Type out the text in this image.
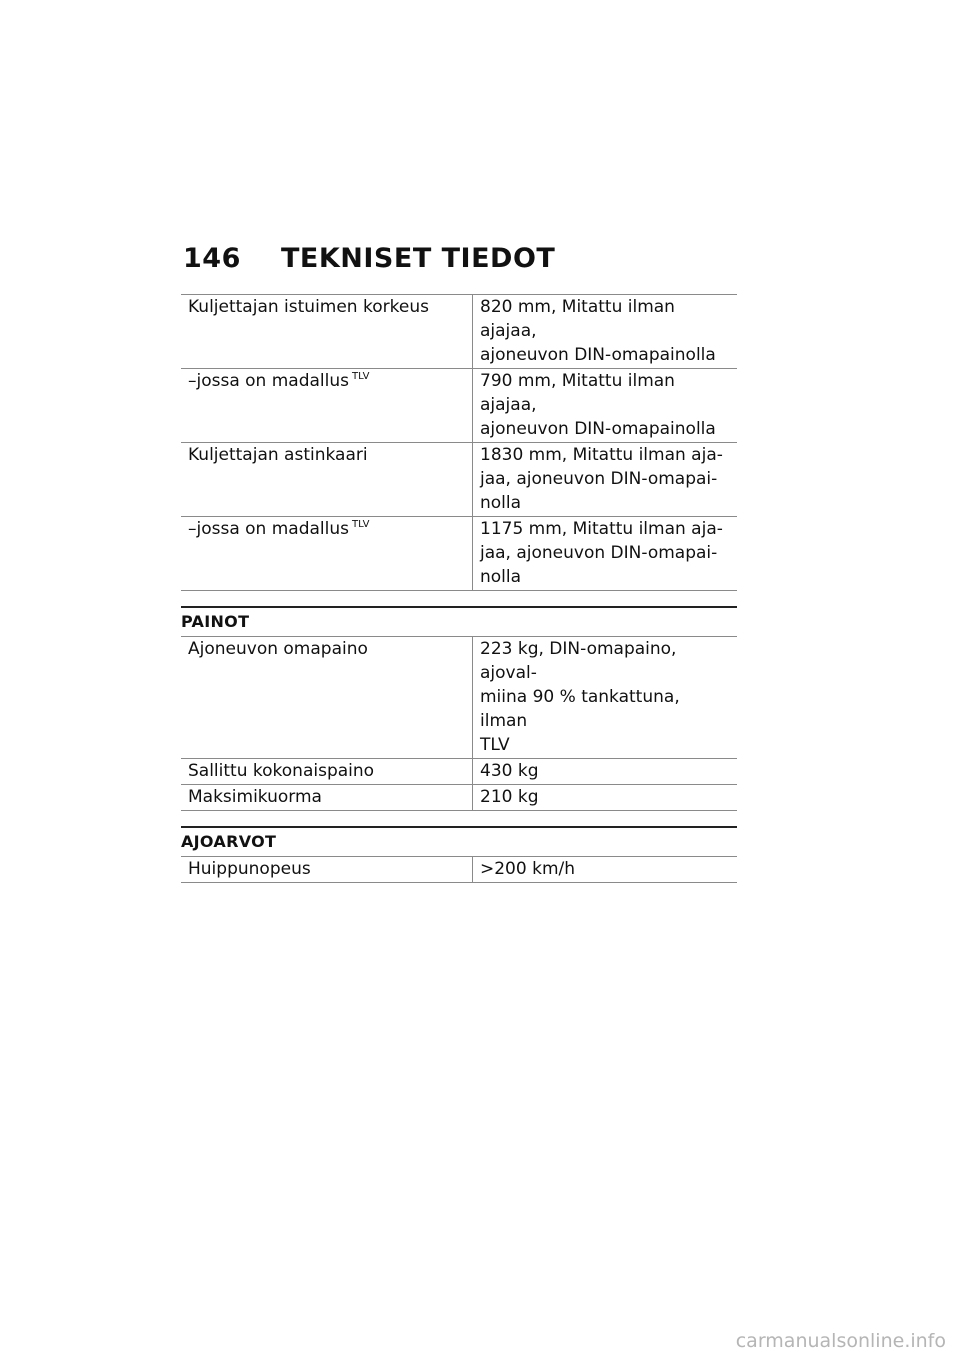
146 TEKNISET TIEDOT
Kuljettajan istuimen korkeus	820 mm, Mitattu ilman ajajaa,
ajoneuvon DIN-omapainolla
–jossa on madallus $^{TLV}$	790 mm, Mitattu ilman ajajaa,
ajoneuvon DIN-omapainolla
Kuljettajan astinkaari	1830 mm, Mitattu ilman aja-
jaa, ajoneuvon DIN-omapai-
nolla
–jossa on madallus $^{TLV}$	1175 mm, Mitattu ilman aja-
jaa, ajoneuvon DIN-omapai-
nolla
PAINOT
Ajoneuvon omapaino	223 kg, DIN-omapaino, ajoval-
miina 90 % tankattuna, ilman
TLV
Sallittu kokonaispaino	430 kg
Maksimikuorma	210 kg
AJOARVOT
Huippunopeus	>200 km/h
carmanualsonline.info
